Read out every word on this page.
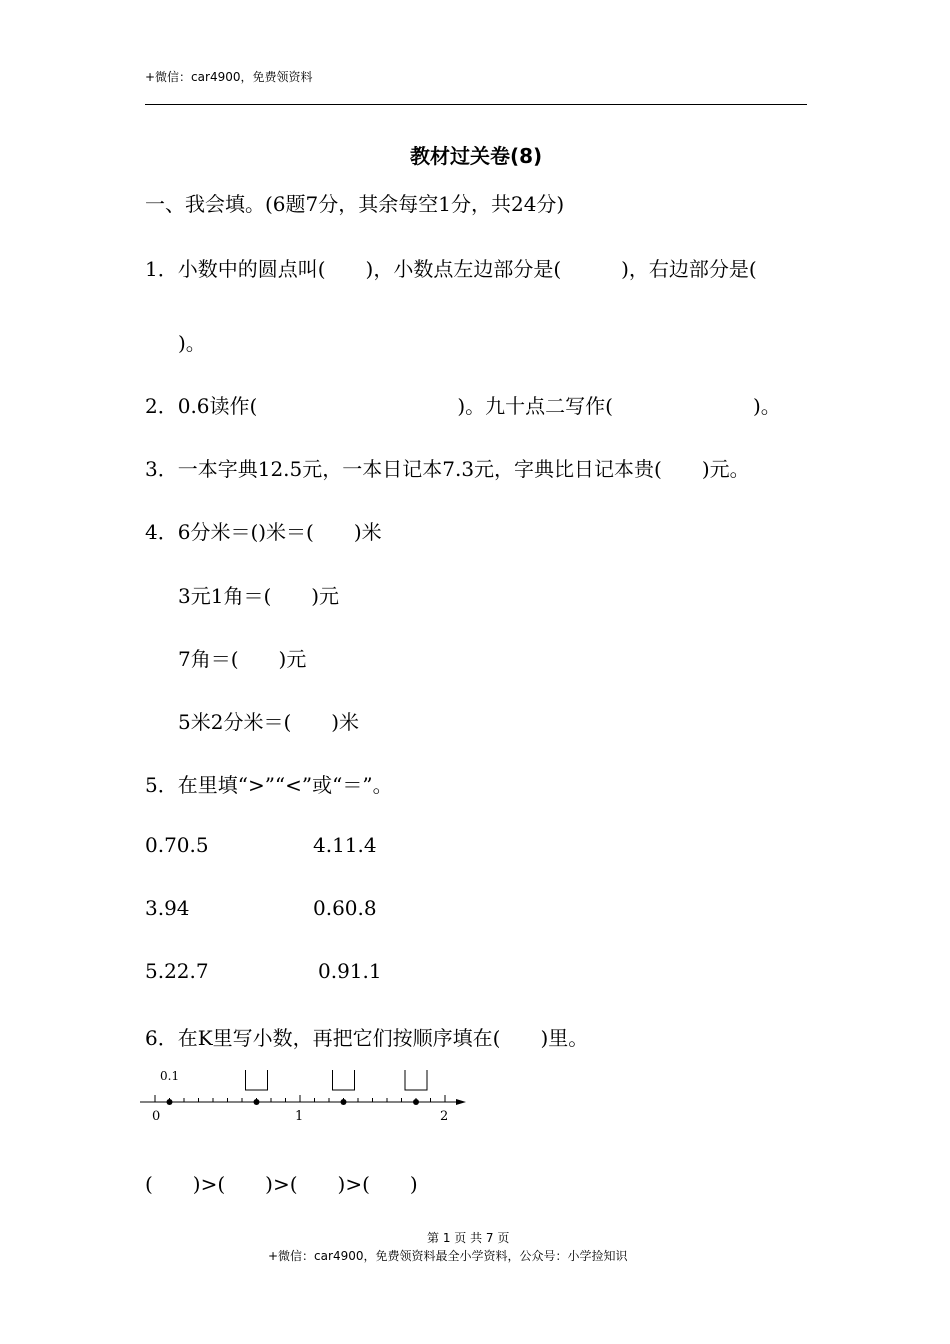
+微信：car4900，免费领资料
教材过关卷(8)
一、我会填。(6题7分，其余每空1分，共24分)
1．小数中的圆点叫(　　)，小数点左边部分是(　　　)，右边部分是(
)。
2．0.6读作(　　　　　　　　　　)。九十点二写作(　　　　　　　)。
3．一本字典12.5元，一本日记本7.3元，字典比日记本贵(　　)元。
4．6分米＝()米＝(　　)米
3元1角＝(　　)元
7角＝(　　)元
5米2分米＝(　　)米
5．在里填“>”“<”或“＝”。
0.70.5	4.11.4
3.94	0.60.8
5.22.7	0.91.1
6．在K里写小数，再把它们按顺序填在(　　)里。
0.1
0	1	2
(　　)>(　　)>(　　)>(　　)
第 1 页 共 7 页
+微信：car4900，免费领资料最全小学资料，公众号：小学捡知识
